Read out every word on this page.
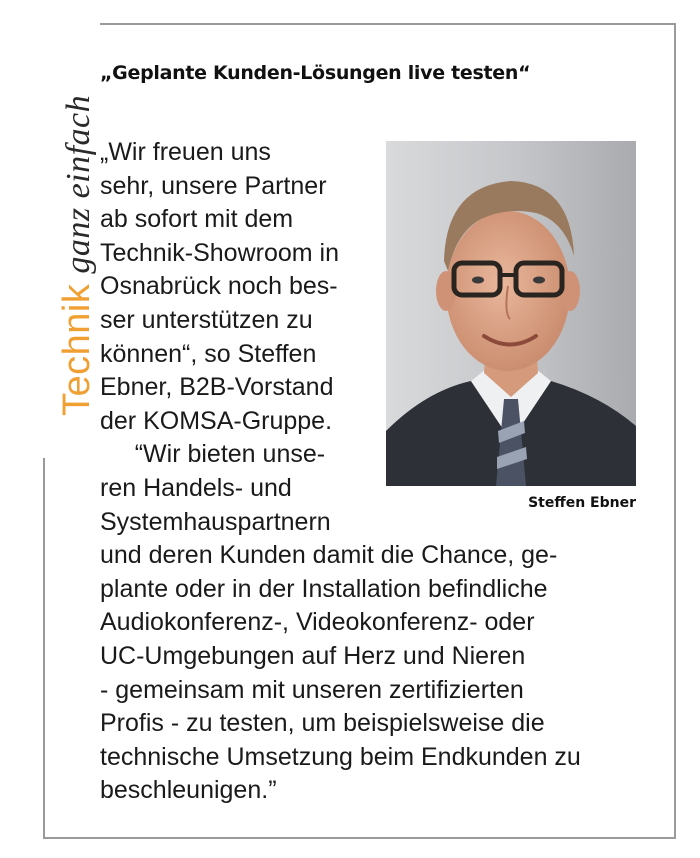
Technikganz einfach
„Geplante Kunden-Lösungen live testen“
„Wir freuen uns
sehr, unsere Partner
ab sofort mit dem
Technik-Showroom in
Osnabrück noch bes-
ser unterstützen zu
können“, so Steffen
Ebner, B2B-Vorstand
der KOMSA-Gruppe.
“Wir bieten unse-
ren Handels- und
Systemhauspartnern
und deren Kunden damit die Chance, ge-
plante oder in der Installation befindliche
Audiokonferenz-, Videokonferenz- oder
UC-Umgebungen auf Herz und Nieren
- gemeinsam mit unseren zertifizierten
Profis - zu testen, um beispielsweise die
technische Umsetzung beim Endkunden zu
beschleunigen.”
Steffen Ebner
